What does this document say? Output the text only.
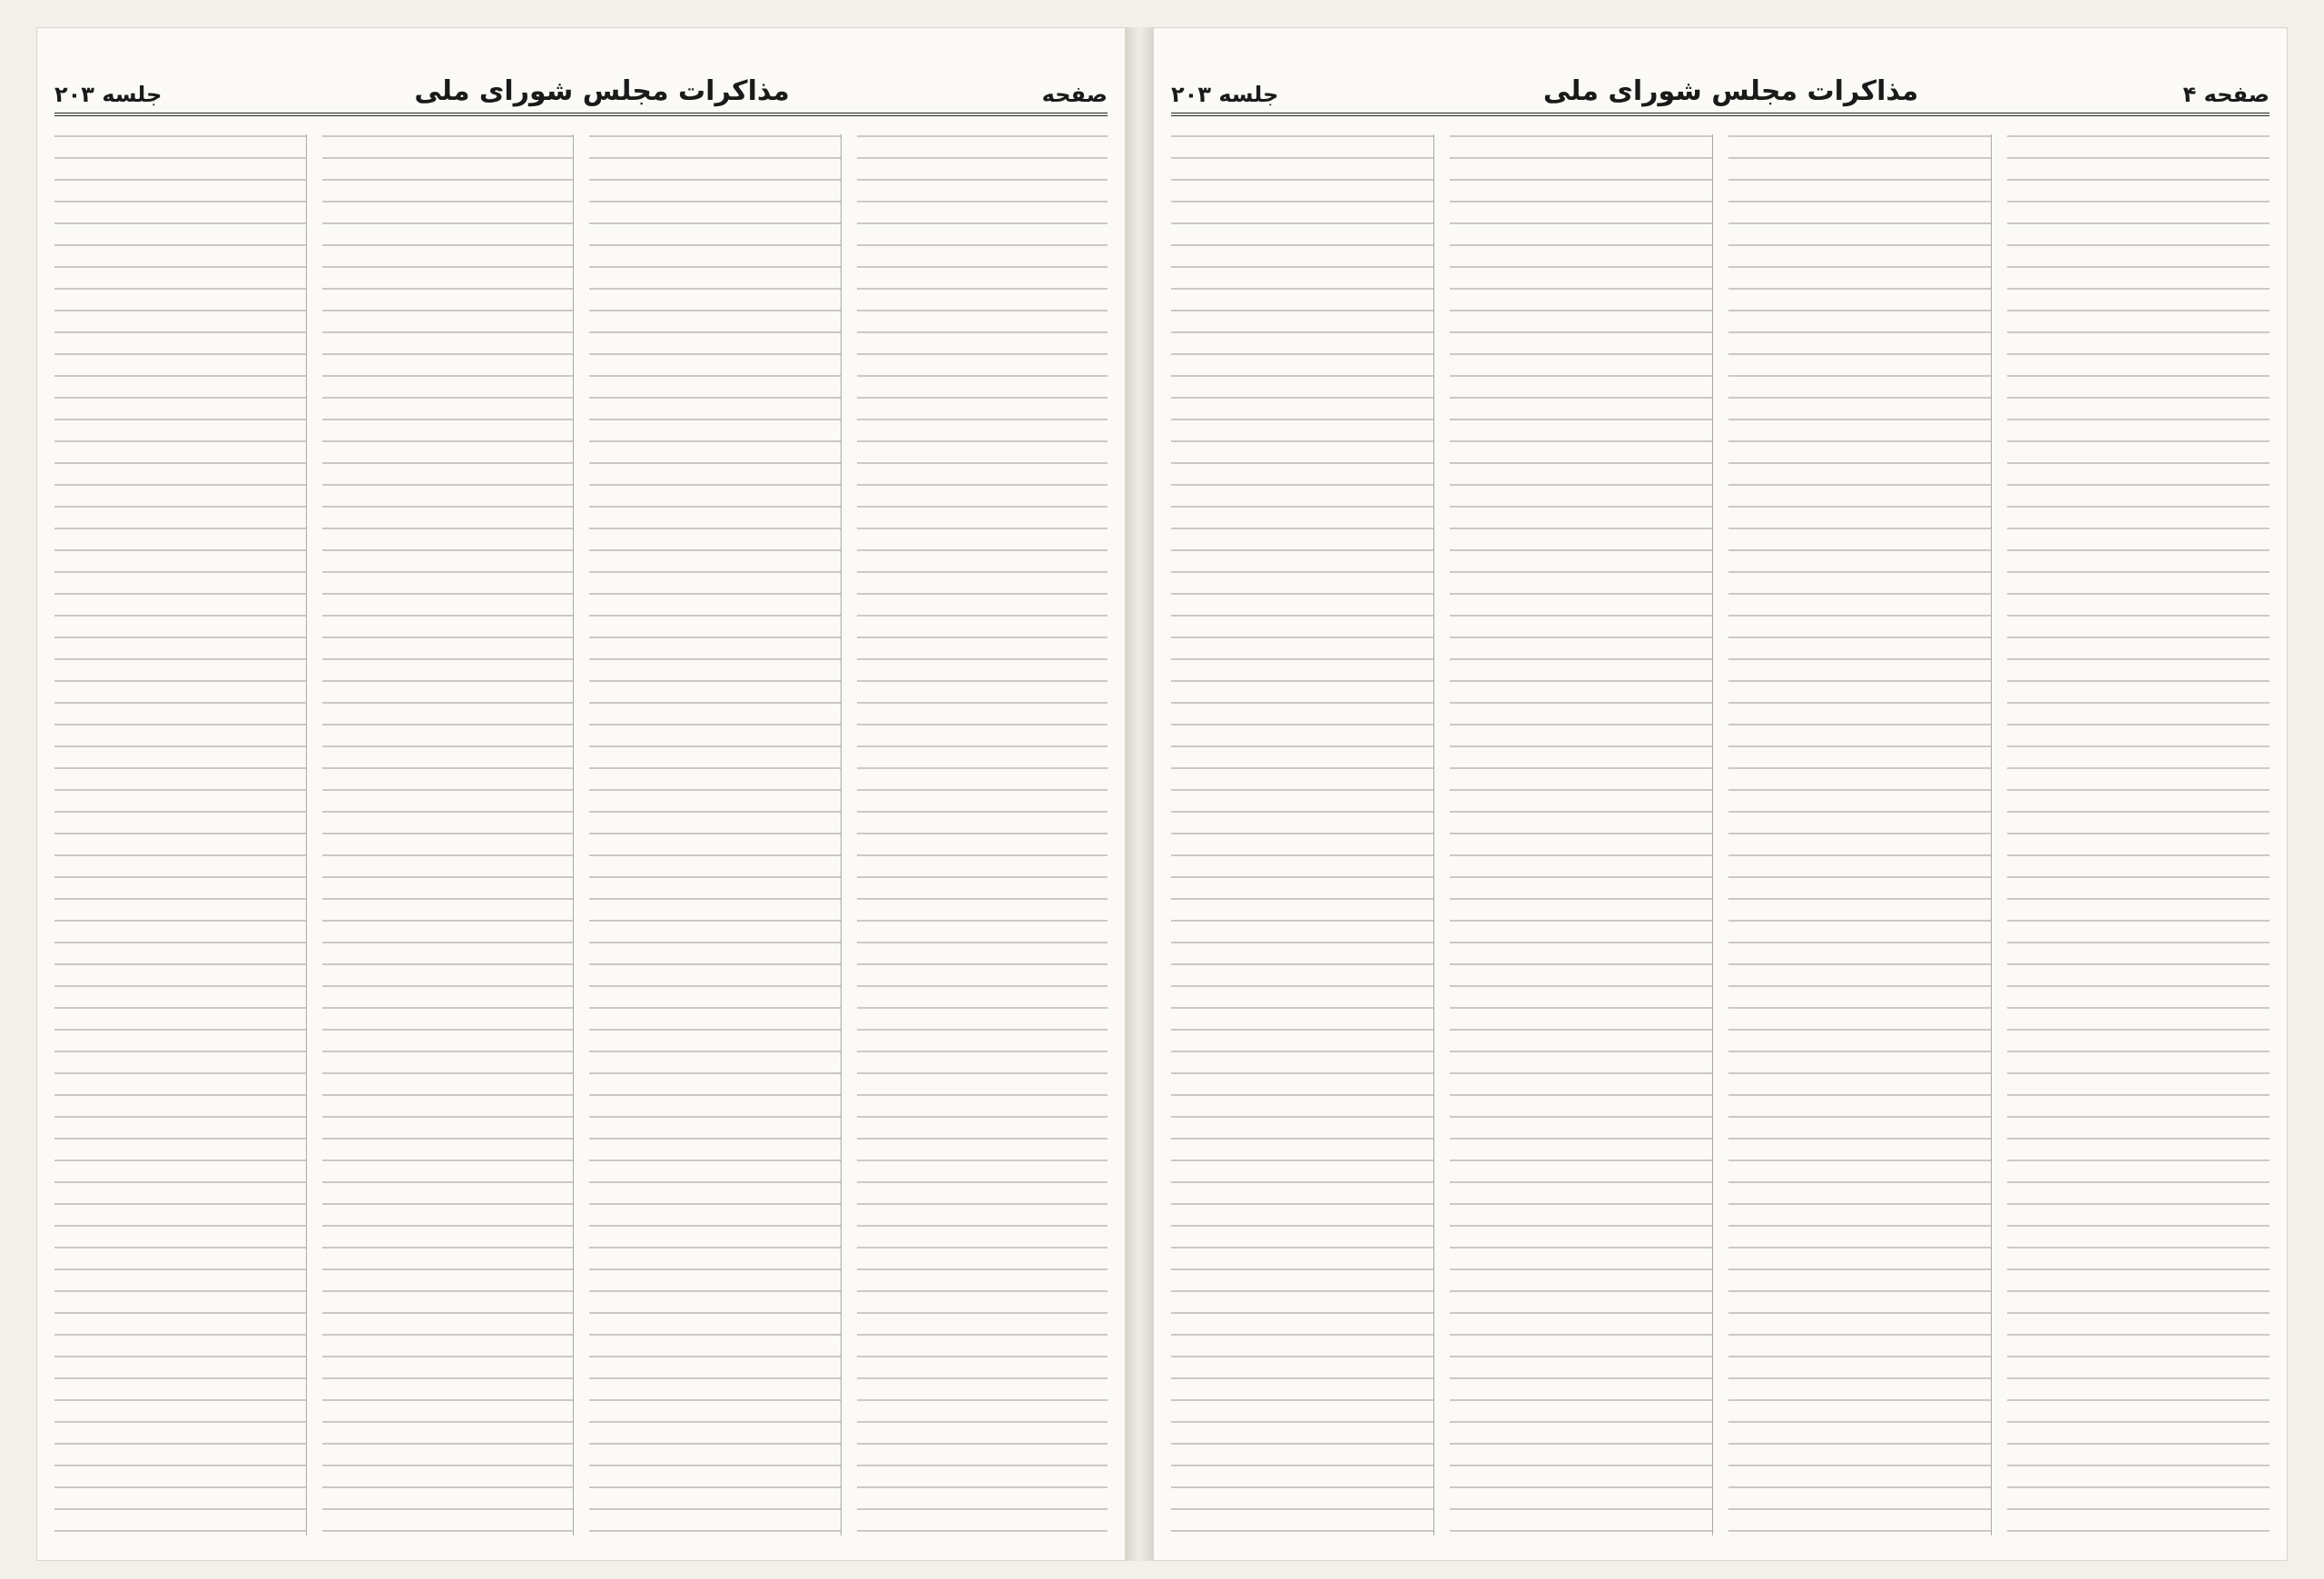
صفحه
مذاکرات مجلس شورای ملی
جلسه ۲۰۳	صفحه ۴
مذاکرات مجلس شورای ملی
جلسه ۲۰۳
